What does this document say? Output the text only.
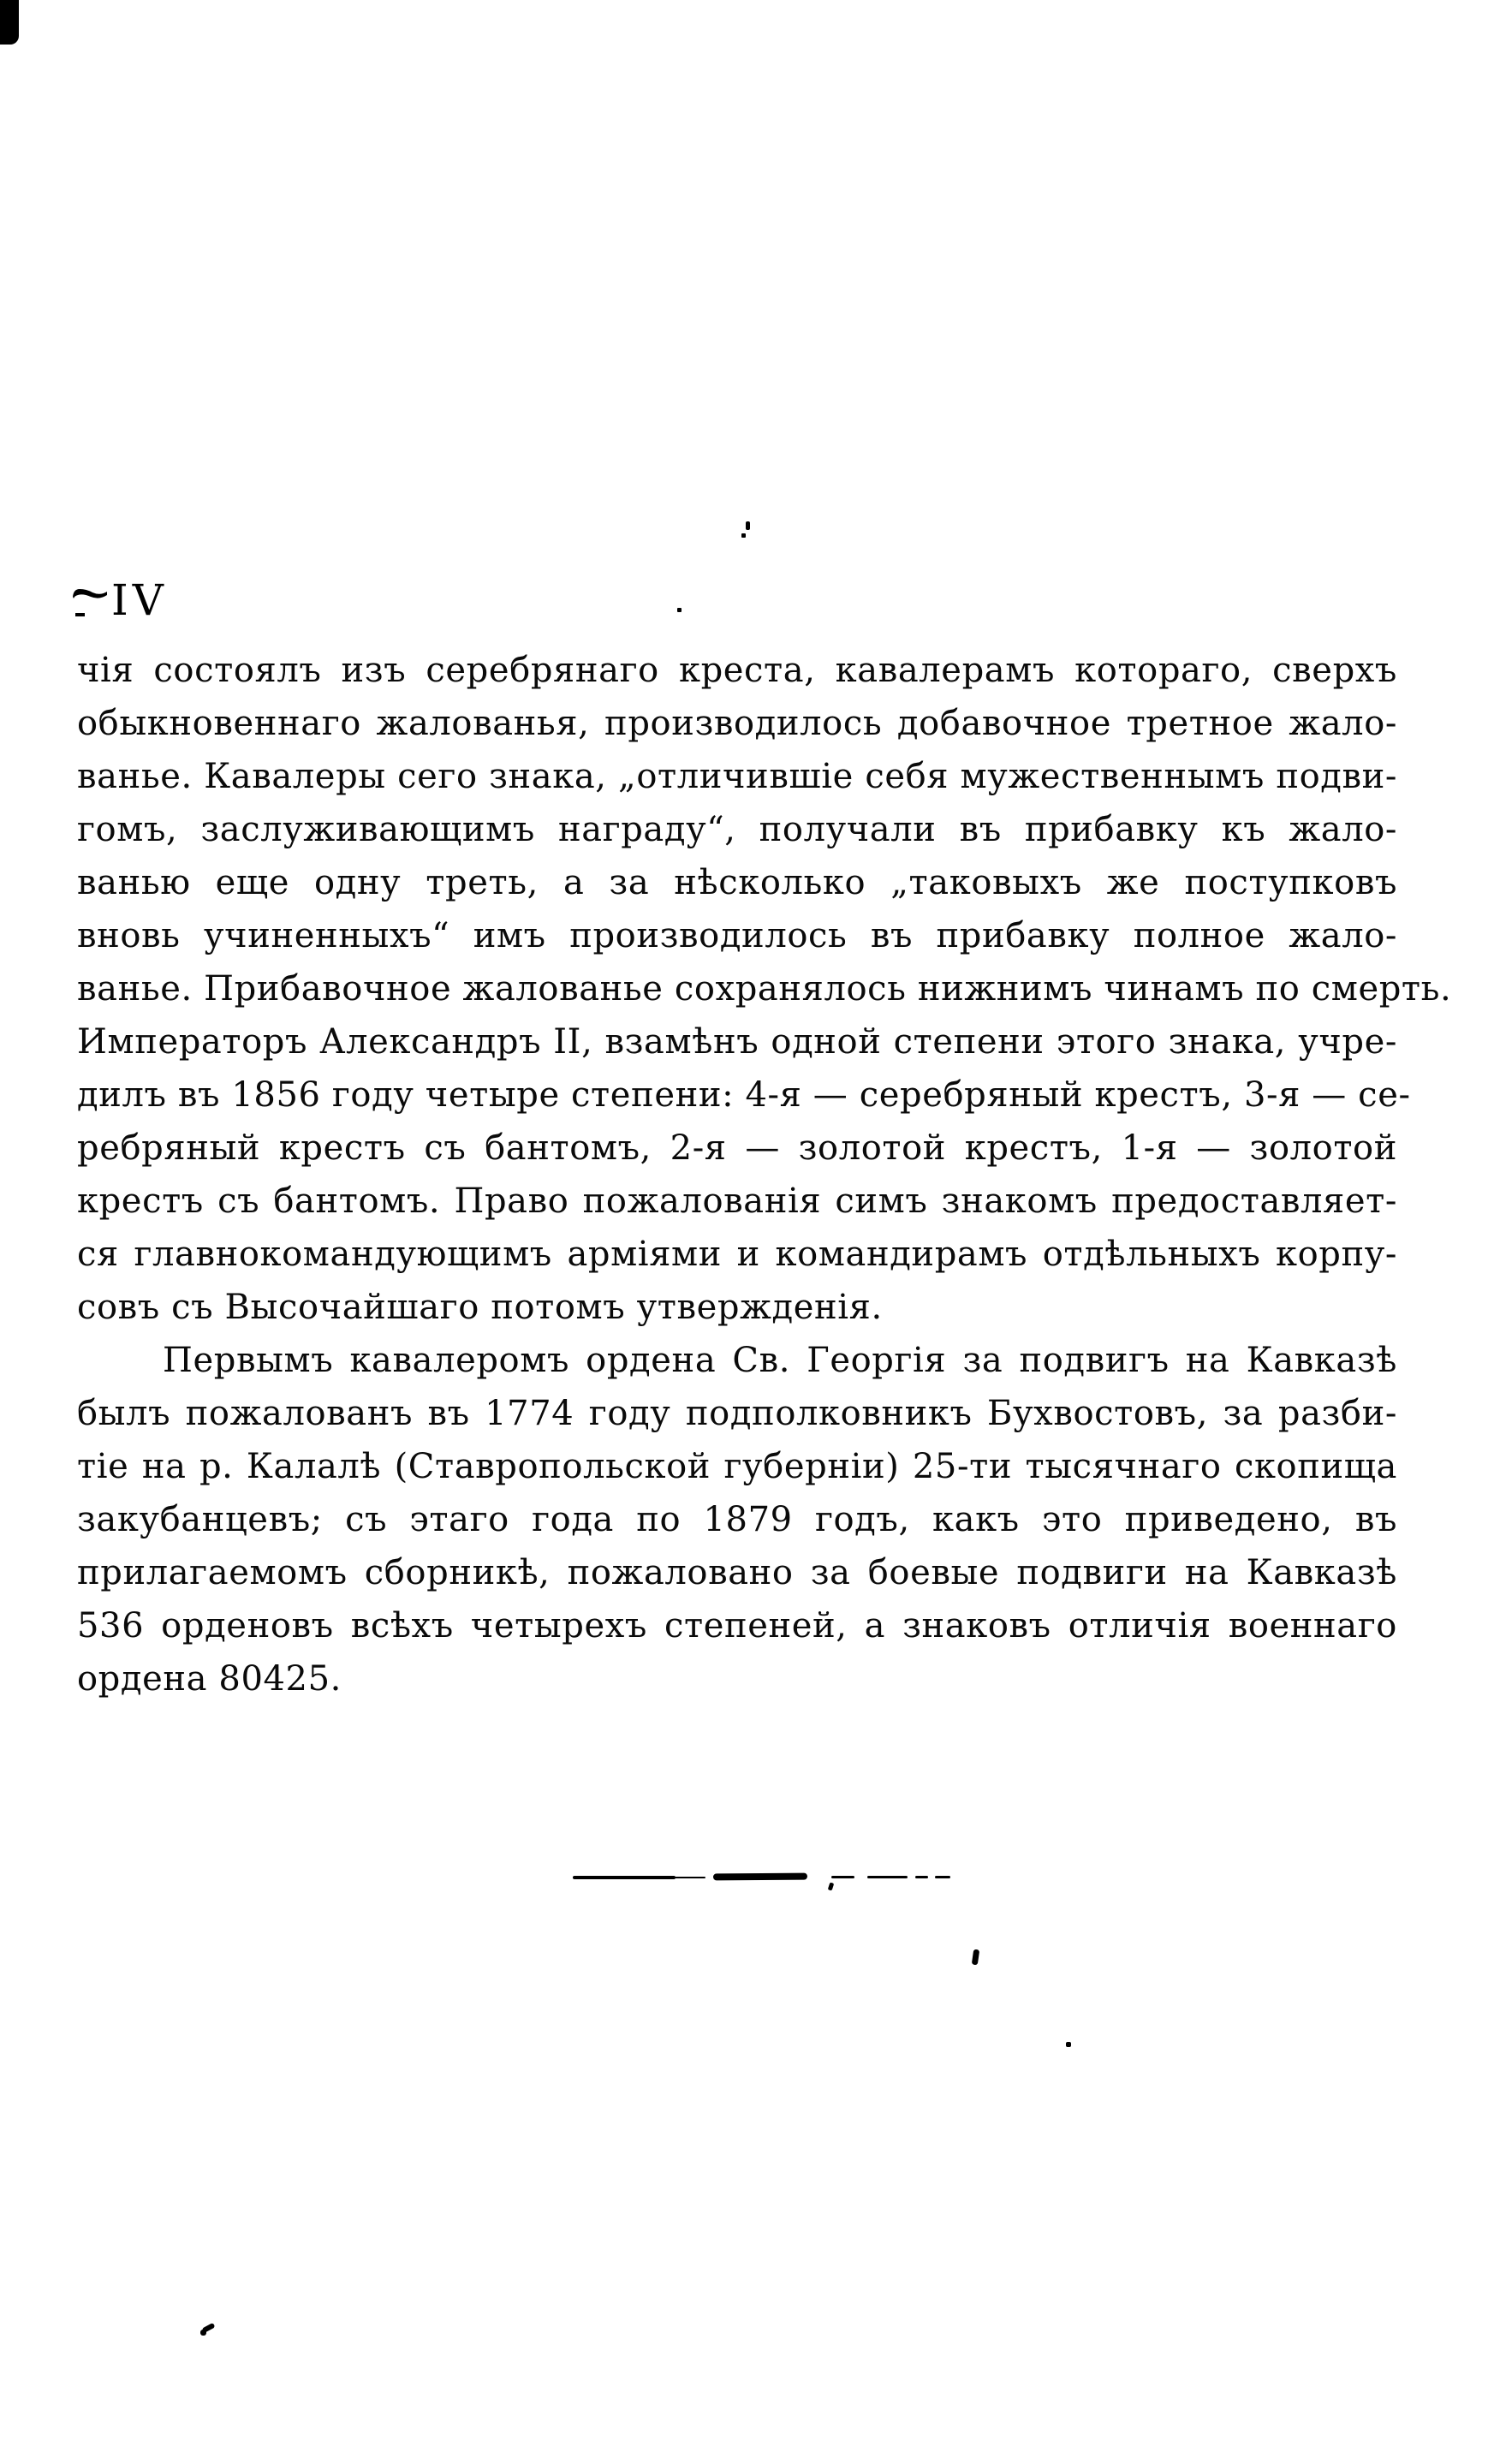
IV
чія состоялъ изъ серебрянаго креста, кавалерамъ котораго, сверхъ
обыкновеннаго жалованья, производилось добавочное третное жало-
ванье. Кавалеры сего знака, „отличившіе себя мужественнымъ подви-
гомъ, заслуживающимъ награду“, получали въ прибавку къ жало-
ванью еще одну треть, а за нѣсколько „таковыхъ же поступковъ
вновь учиненныхъ“ имъ производилось въ прибавку полное жало-
ванье. Прибавочное жалованье сохранялось нижнимъ чинамъ по смерть.
Императоръ Александръ II, взамѣнъ одной степени этого знака, учре-
дилъ въ 1856 году четыре степени: 4-я — серебряный крестъ, 3-я — се-
ребряный крестъ съ бантомъ, 2-я — золотой крестъ, 1-я — золотой
крестъ съ бантомъ. Право пожалованія симъ знакомъ предоставляет-
ся главнокомандующимъ арміями и командирамъ отдѣльныхъ корпу-
совъ съ Высочайшаго потомъ утвержденія.
Первымъ кавалеромъ ордена Св. Георгія за подвигъ на Кавказѣ
былъ пожалованъ въ 1774 году подполковникъ Бухвостовъ, за разби-
тіе на р. Калалѣ (Ставропольской губерніи) 25-ти тысячнаго скопища
закубанцевъ; съ этаго года по 1879 годъ, какъ это приведено, въ
прилагаемомъ сборникѣ, пожаловано за боевые подвиги на Кавказѣ
536 орденовъ всѣхъ четырехъ степеней, а знаковъ отличія военнаго
ордена 80425.
